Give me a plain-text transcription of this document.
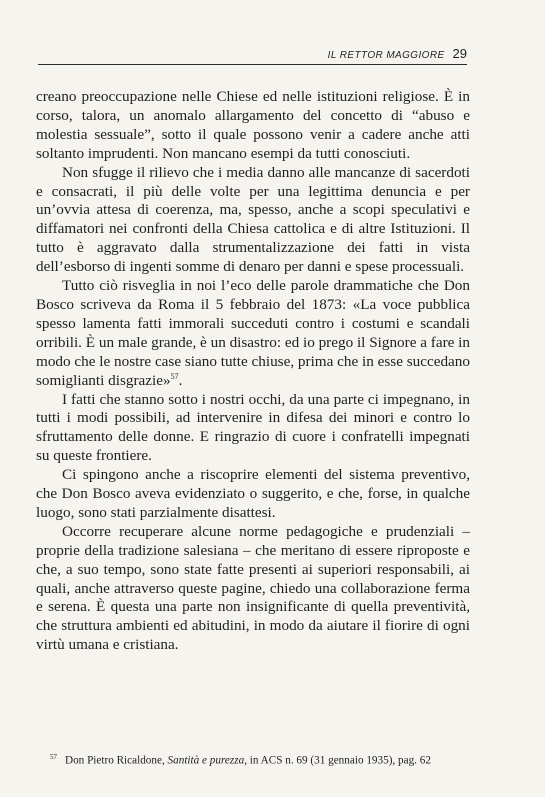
IL RETTOR MAGGIORE 29

creano preoccupazione nelle Chiese ed nelle istituzioni religiose. È in corso, talora, un anomalo allargamento del concetto di “abuso e molestia sessuale”, sotto il quale possono venir a cadere anche atti soltanto imprudenti. Non mancano esempi da tutti conosciuti.

Non sfugge il rilievo che i media danno alle mancanze di sacerdoti e consacrati, il più delle volte per una legittima denuncia e per un’ovvia attesa di coerenza, ma, spesso, anche a scopi speculativi e diffamatori nei confronti della Chiesa cattolica e di altre Istituzioni. Il tutto è aggravato dalla strumentalizzazione dei fatti in vista dell’esborso di ingenti somme di denaro per danni e spese processuali.

Tutto ciò risveglia in noi l’eco delle parole drammatiche che Don Bosco scriveva da Roma il 5 febbraio del 1873: «La voce pubblica spesso lamenta fatti immorali succeduti contro i costumi e scandali orribili. È un male grande, è un disastro: ed io prego il Signore a fare in modo che le nostre case siano tutte chiuse, prima che in esse succedano somiglianti disgrazie»$^{57}$.

I fatti che stanno sotto i nostri occhi, da una parte ci impegnano, in tutti i modi possibili, ad intervenire in difesa dei minori e contro lo sfruttamento delle donne. E ringrazio di cuore i confratelli impegnati su queste frontiere.

Ci spingono anche a riscoprire elementi del sistema preventivo, che Don Bosco aveva evidenziato o suggerito, e che, forse, in qualche luogo, sono stati parzialmente disattesi.

Occorre recuperare alcune norme pedagogiche e prudenziali – proprie della tradizione salesiana – che meritano di essere riproposte e che, a suo tempo, sono state fatte presenti ai superiori responsabili, ai quali, anche attraverso queste pagine, chiedo una collaborazione ferma e serena. È questa una parte non insignificante di quella preventività, che struttura ambienti ed abitudini, in modo da aiutare il fiorire di ogni virtù umana e cristiana.

$^{57}$ Don Pietro Ricaldone, Santità e purezza, in ACS n. 69 (31 gennaio 1935), pag. 62
